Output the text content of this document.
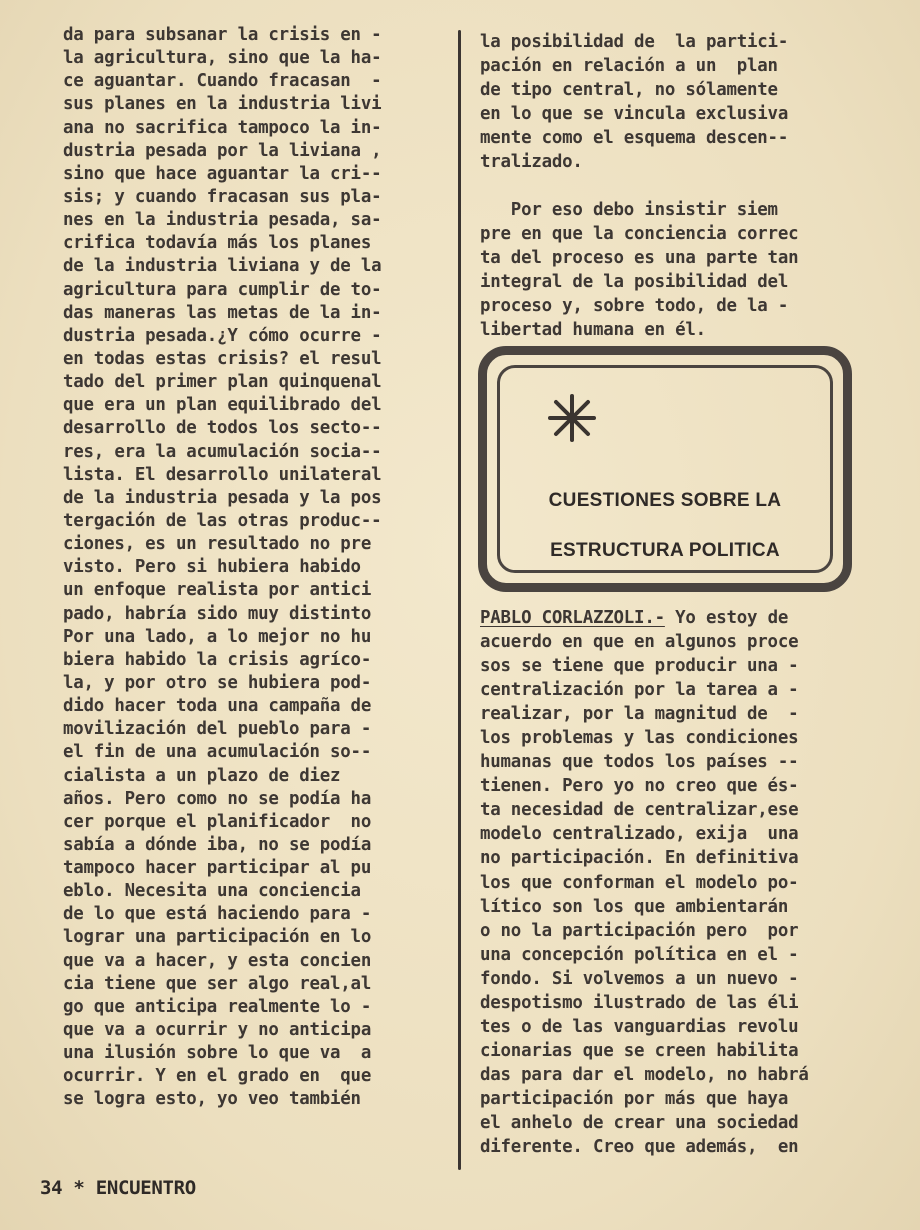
da para subsanar la crisis en -
la agricultura, sino que la ha-
ce aguantar. Cuando fracasan  -
sus planes en la industria livi
ana no sacrifica tampoco la in-
dustria pesada por la liviana ,
sino que hace aguantar la cri--
sis; y cuando fracasan sus pla-
nes en la industria pesada, sa-
crifica todavía más los planes
de la industria liviana y de la
agricultura para cumplir de to-
das maneras las metas de la in-
dustria pesada.¿Y cómo ocurre -
en todas estas crisis? el resul
tado del primer plan quinquenal
que era un plan equilibrado del
desarrollo de todos los secto--
res, era la acumulación socia--
lista. El desarrollo unilateral
de la industria pesada y la pos
tergación de las otras produc--
ciones, es un resultado no pre
visto. Pero si hubiera habido
un enfoque realista por antici
pado, habría sido muy distinto
Por una lado, a lo mejor no hu
biera habido la crisis agríco-
la, y por otro se hubiera pod-
dido hacer toda una campaña de
movilización del pueblo para -
el fin de una acumulación so--
cialista a un plazo de diez
años. Pero como no se podía ha
cer porque el planificador  no
sabía a dónde iba, no se podía
tampoco hacer participar al pu
eblo. Necesita una conciencia
de lo que está haciendo para -
lograr una participación en lo
que va a hacer, y esta concien
cia tiene que ser algo real,al
go que anticipa realmente lo -
que va a ocurrir y no anticipa
una ilusión sobre lo que va  a
ocurrir. Y en el grado en  que
se logra esto, yo veo también
la posibilidad de  la partici-
pación en relación a un  plan
de tipo central, no sólamente
en lo que se vincula exclusiva
mente como el esquema descen--
tralizado.
Por eso debo insistir siem
pre en que la conciencia correc
ta del proceso es una parte tan
integral de la posibilidad del
proceso y, sobre todo, de la -
libertad humana en él.
CUESTIONES SOBRE LA
ESTRUCTURA POLITICA
PABLO CORLAZZOLI.- Yo estoy de
acuerdo en que en algunos proce
sos se tiene que producir una -
centralización por la tarea a -
realizar, por la magnitud de  -
los problemas y las condiciones
humanas que todos los países --
tienen. Pero yo no creo que és-
ta necesidad de centralizar,ese
modelo centralizado, exija  una
no participación. En definitiva
los que conforman el modelo po-
lítico son los que ambientarán
o no la participación pero  por
una concepción política en el -
fondo. Si volvemos a un nuevo -
despotismo ilustrado de las éli
tes o de las vanguardias revolu
cionarias que se creen habilita
das para dar el modelo, no habrá
participación por más que haya
el anhelo de crear una sociedad
diferente. Creo que además,  en
34 * ENCUENTRO
